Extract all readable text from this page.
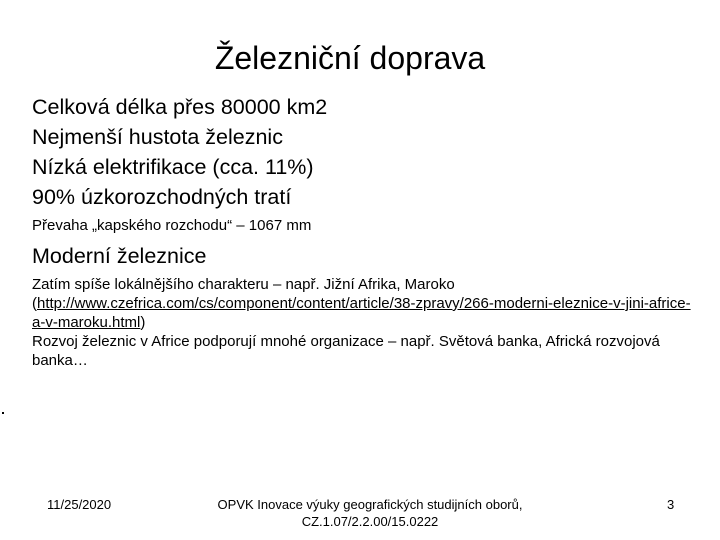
Železniční doprava
Celková délka přes 80000 km2
Nejmenší hustota železnic
Nízká elektrifikace (cca. 11%)
90% úzkorozchodných tratí
Převaha „kapského rozchodu“ – 1067 mm
Moderní železnice
Zatím spíše lokálnějšího charakteru – např. Jižní Afrika, Maroko (http://www.czefrica.com/cs/component/content/article/38-zpravy/266-moderni-eleznice-v-jini-africe-a-v-maroku.html)
Rozvoj železnic v Africe podporují mnohé organizace – např. Světová banka, Africká rozvojová banka…
11/25/2020	OPVK Inovace výuky geografických studijních oborů,
CZ.1.07/2.2.00/15.0222
3
